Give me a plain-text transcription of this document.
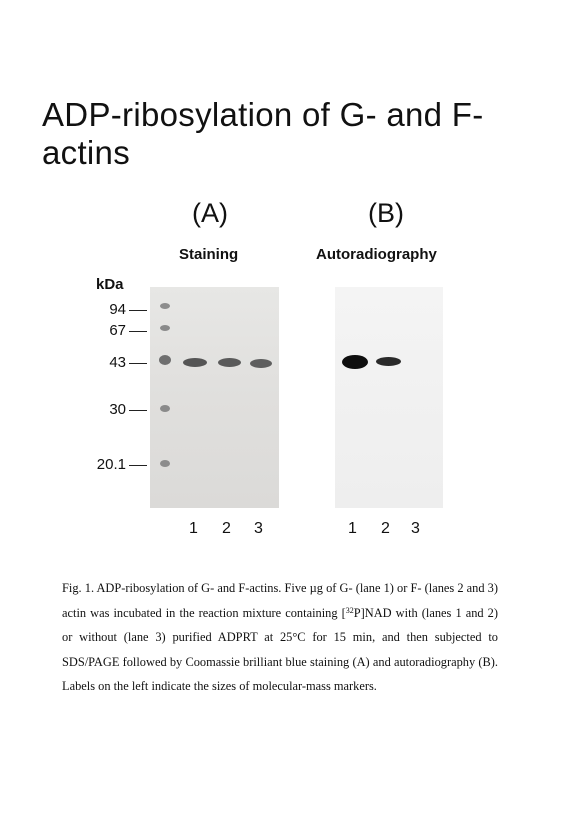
ADP-ribosylation of G- and F-actins
(A)	(B)
Staining	Autoradiography
kDa
94
67
43
30
20.1
1 2 3	1 2 3
Fig. 1. ADP-ribosylation of G- and F-actins. Five µg of G- (lane 1) or F- (lanes 2 and 3) actin was incubated in the reaction mixture containing [$^{32}$P]NAD with (lanes 1 and 2) or without (lane 3) purified ADPRT at 25°C for 15 min, and then subjected to SDS/PAGE followed by Coomassie brilliant blue staining (A) and autoradiography (B). Labels on the left indicate the sizes of molecular-mass markers.
